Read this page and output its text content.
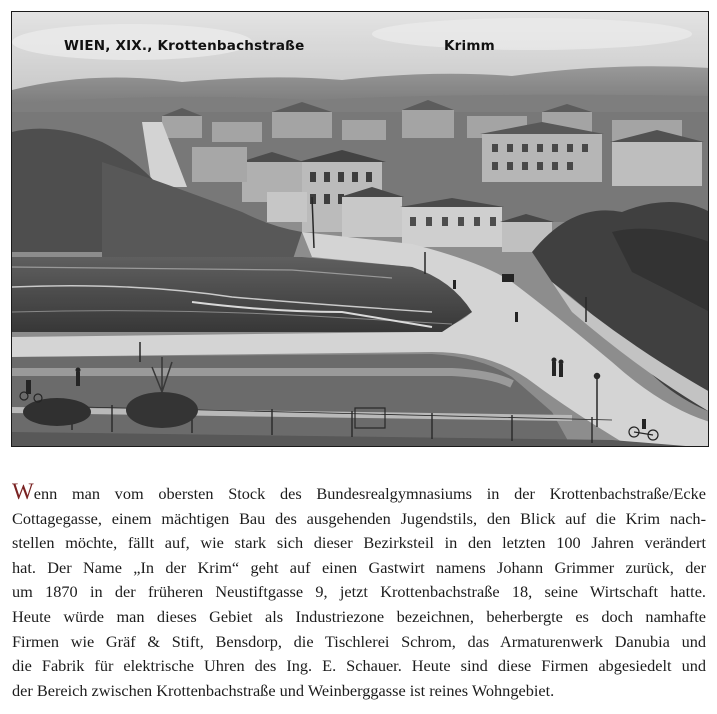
WIEN, XIX., Krottenbachstraße	Krimm
Wenn man vom obersten Stock des Bundesrealgymnasiums in der Krottenbachstraße/Ecke
Cottagegasse, einem mächtigen Bau des ausgehenden Jugendstils, den Blick auf die Krim nach-
stellen möchte, fällt auf, wie stark sich dieser Bezirksteil in den letzten 100 Jahren verändert
hat. Der Name „In der Krim“ geht auf einen Gastwirt namens Johann Grimmer zurück, der
um 1870 in der früheren Neustiftgasse 9, jetzt Krottenbachstraße 18, seine Wirtschaft hatte.
Heute würde man dieses Gebiet als Industriezone bezeichnen, beherbergte es doch namhafte
Firmen wie Gräf & Stift, Bensdorp, die Tischlerei Schrom, das Armaturenwerk Danubia und
die Fabrik für elektrische Uhren des Ing. E. Schauer. Heute sind diese Firmen abgesiedelt und
der Bereich zwischen Krottenbachstraße und Weinberggasse ist reines Wohngebiet.
